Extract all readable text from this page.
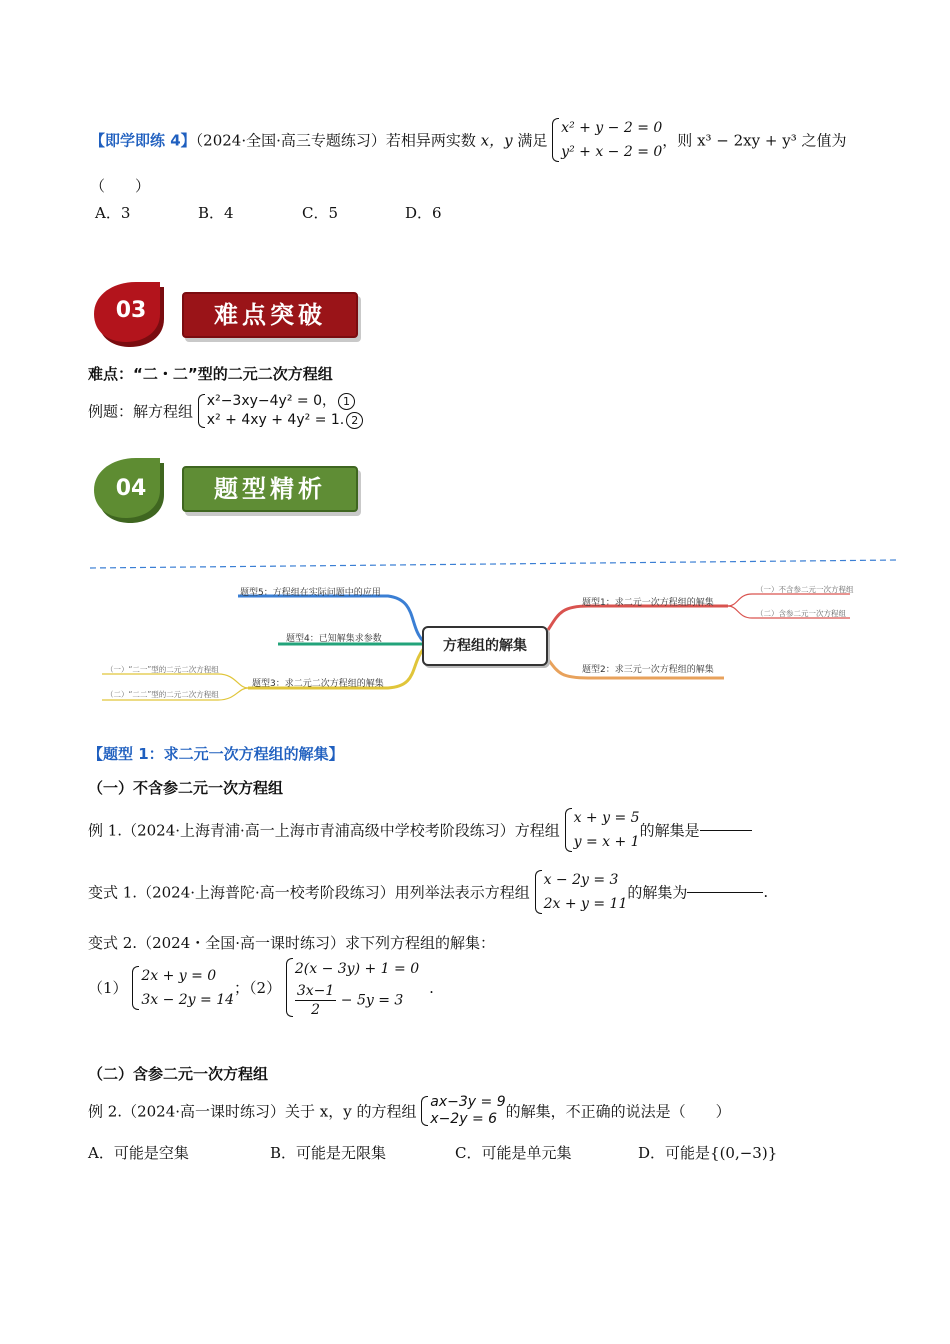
【即学即练 4】（2024·全国·高三专题练习）若相异两实数 x，y 满足
x² + y − 2 = 0
y² + x − 2 = 0
，则 x³ − 2xy + y³ 之值为
（　　）
A．3	B．4	C．5	D．6
03	难点突破
难点：“二・二”型的二元二次方程组
例题：解方程组
x²−3xy−4y² = 0， 1
x² + 4xy + 4y² = 1. 2
04	题型精析
方程组的解集
题型5：方程组在实际问题中的应用
题型4：已知解集求参数
题型3：求二元二次方程组的解集
（一）“二一”型的二元二次方程组
（二）“二二”型的二元二次方程组
题型1：求二元一次方程组的解集
（一）不含参二元一次方程组
（二）含参二元一次方程组
题型2：求三元一次方程组的解集
【题型 1：求二元一次方程组的解集】
（一）不含参二元一次方程组
例 1.（2024·上海青浦·高一上海市青浦高级中学校考阶段练习）方程组
x + y = 5
y = x + 1
的解集是
变式 1.（2024·上海普陀·高一校考阶段练习）用列举法表示方程组
x − 2y = 3
2x + y = 11
的解集为	.
变式 2.（2024・全国·高一课时练习）求下列方程组的解集：
（1）
2x + y = 0
3x − 2y = 14
；（2）
2(x − 3y) + 1 = 0
$\frac{3x-1}{2} - 5y = 3$
.
（二）含参二元一次方程组
例 2.（2024·高一课时练习）关于 x，y 的方程组
ax−3y = 9
x−2y = 6 的解集，不正确的说法是（　　）
A．可能是空集	B．可能是无限集	C．可能是单元集	D．可能是{(0,−3)}
